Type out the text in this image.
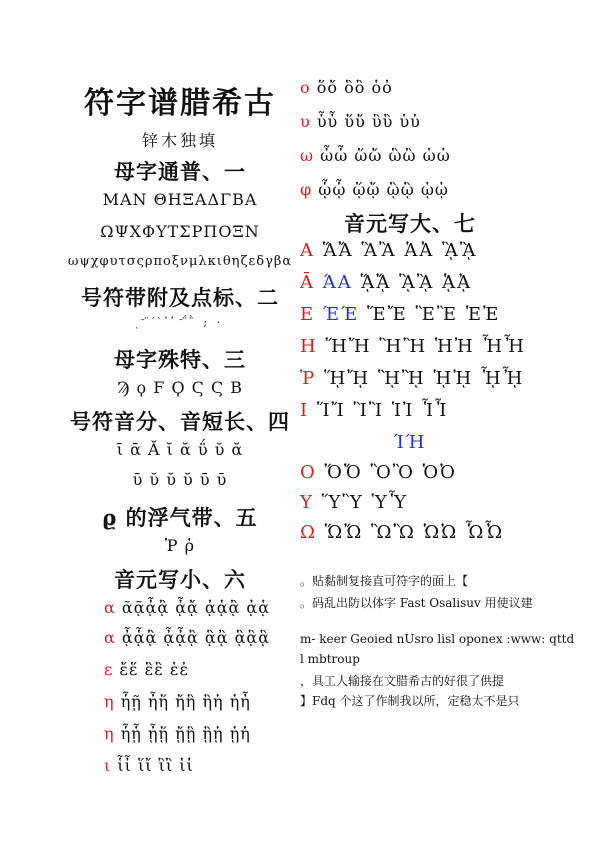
符字谱腊希古
锌木独填
母字通普、一
MAN ΘΗΞΑΔΓΒΑ
ΩΨΧΦΥΤΣΡΠΟΞΝ
ωψχφυτσςρποξνμλκιθηζεδγβα
号符带附及点标、二
ͅ ͂ ̈ ́ ̀ ̓ ̔ ͂ ̈́ ̈̀ ; ·
母字殊特、三
Ϡ ϙ Ϝ Ϙ Ϛ Ϛ Β
号符音分、音短长、四
ῑ ᾱ Ᾰ ῐ ᾰ ΰ ῠ ᾰ
ῡ ῠ ῠ ῠ ῡ ῡ
ϱ 的浮气带、五
Ῥ ῤ
音元写小、六
α ᾶᾷᾆᾂ ᾆᾄ ᾀᾁᾂ ᾀᾁ
α ᾆᾇᾂ ᾆᾆᾂ ᾃᾂ ᾃᾃᾃ
ε ἔἕ ἓἒ ἑἐ
η ἧῇ ἦἥ ἤἣ ἢἡ ἠἦ
η ἧᾗ ᾖᾕ ᾔᾓ ᾒᾑ ᾐἡ
ι ἷἶ ἵἴ ἳἲ ἱἰ
ο ὅὄ ὃὂ ὁὀ
υ ὗὖ ὕὔ ὓὒ ὑὐ
ω ὧὦ ὥὤ ὣὢ ὡὠ
φ ᾧᾦ ᾥᾤ ᾣᾢ ᾡᾠ
音元写大、七
Α ἍἌ ἋἊ ἉἈ ᾋᾊ
Ᾱ ΆΑ ᾍᾌ ᾋᾊ ᾉᾈ
Ε ΈΈ ἝἜ ἛἚ ἙἘ
Η ἭἬ ἫἪ ἩἨ ἯἮ
Ῥ ᾝᾜ ᾛᾚ ᾙᾘ ᾟᾞ
Ι ἽἼ ἻἺ ἹἸ ἿἾ
ΊΉ
Ο ὍὌ ὋὊ ὉὈ
Υ ὝὛ ὙὟ
Ω ὭὬ ὫὪ ὩὨ ὯὮ
。贴黏制复接直可符字的面上【
。码乱出防以体字 Fast Osalisuv 用使议建
m- keer Geoied nUsro lisl oponex :www: qttd
l mbtroup
，具工人输接在文腊希古的好很了供提
】Fdq 个这了作制我以所，定稳太不是只
